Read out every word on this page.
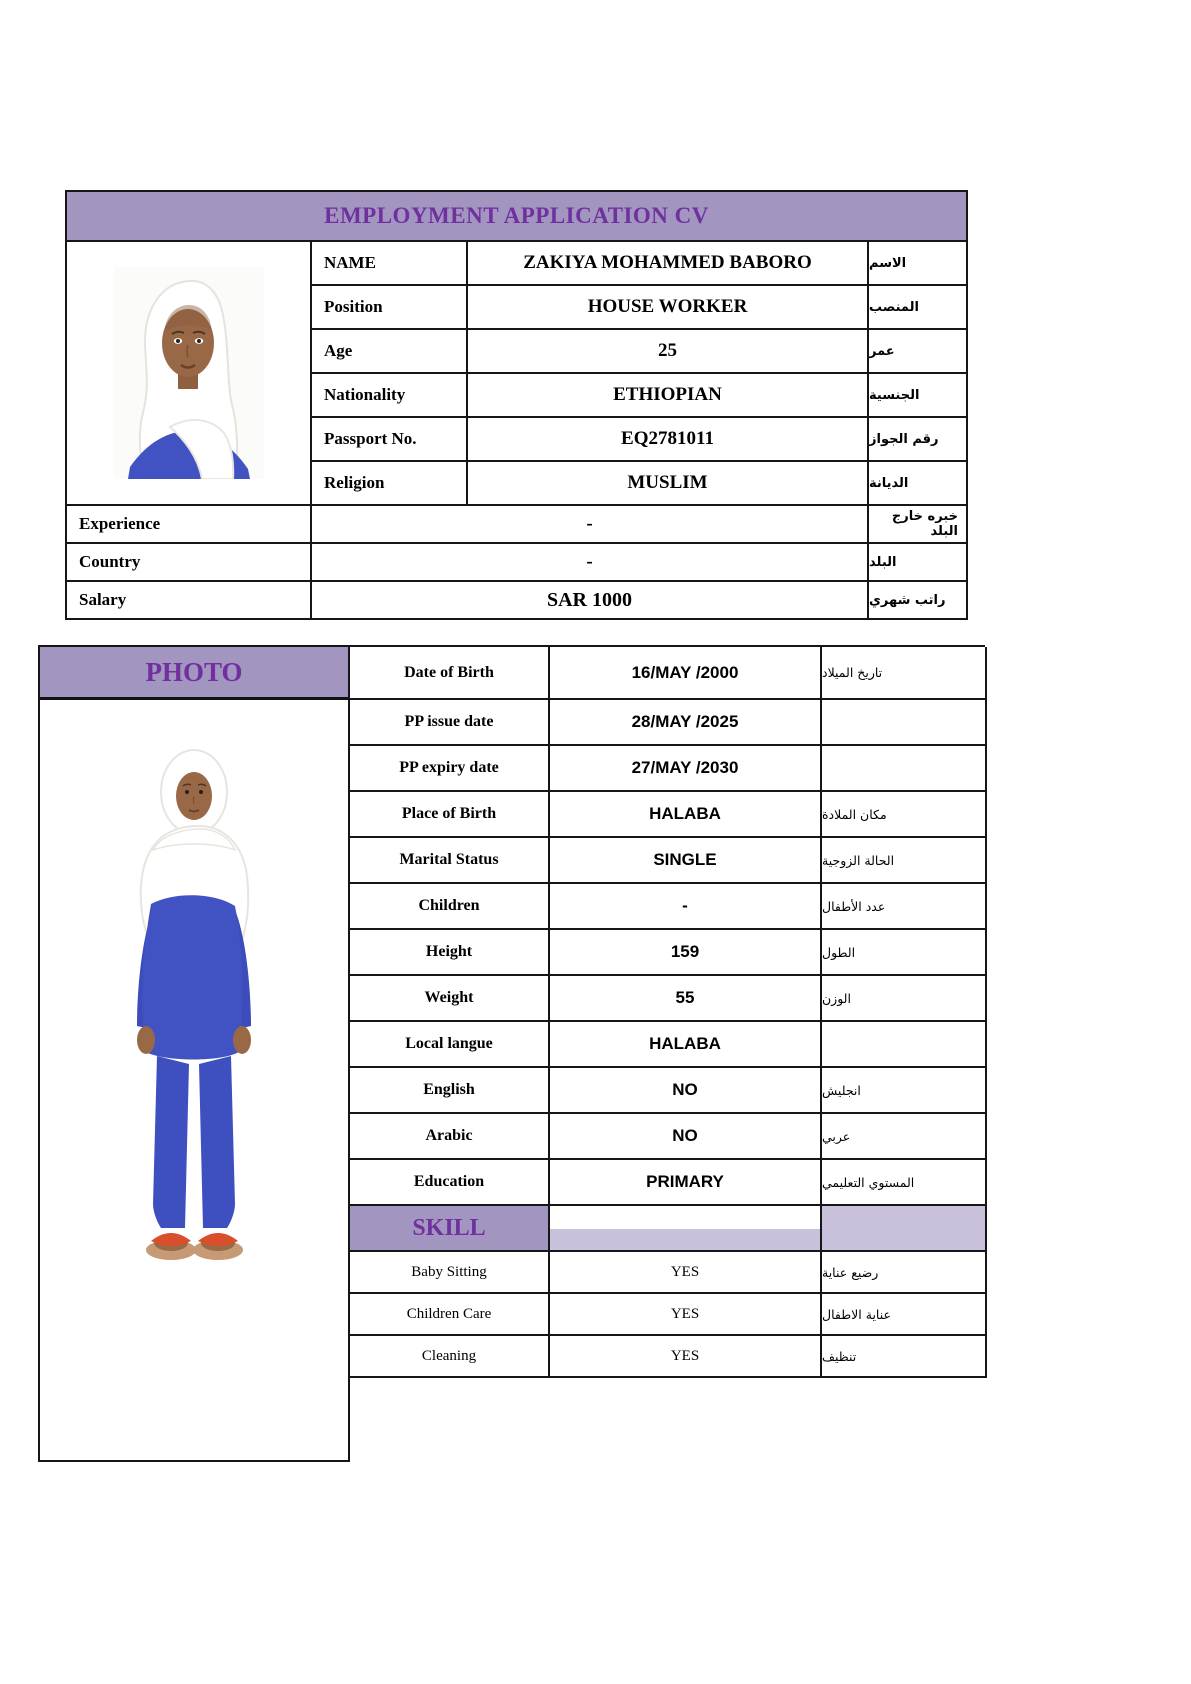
EMPLOYMENT APPLICATION CV
NAME	ZAKIYA MOHAMMED BABORO	الاسم
Position	HOUSE WORKER	المنصب
Age	25	عمر
Nationality	ETHIOPIAN	الجنسية
Passport No.	EQ2781011	رقم الجواز
Religion	MUSLIM	الديانة
Experience	-	خبره خارج البلد
Country	-	البلد
Salary	SAR 1000	راتب شهري
PHOTO	Date of Birth	16/MAY /2000	تاريخ الميلاد
PP issue date	28/MAY /2025
PP expiry date	27/MAY /2030
Place of Birth	HALABA	مكان الملادة
Marital Status	SINGLE	الحالة الزوجية
Children	-	عدد الأطفال
Height	159	الطول
Weight	55	الوزن
Local langue	HALABA
English	NO	انجليش
Arabic	NO	عربي
Education	PRIMARY	المستوي التعليمي
SKILL
Baby Sitting	YES	رضيع عناية
Children Care	YES	عناية الاطفال
Cleaning	YES	تنظيف
